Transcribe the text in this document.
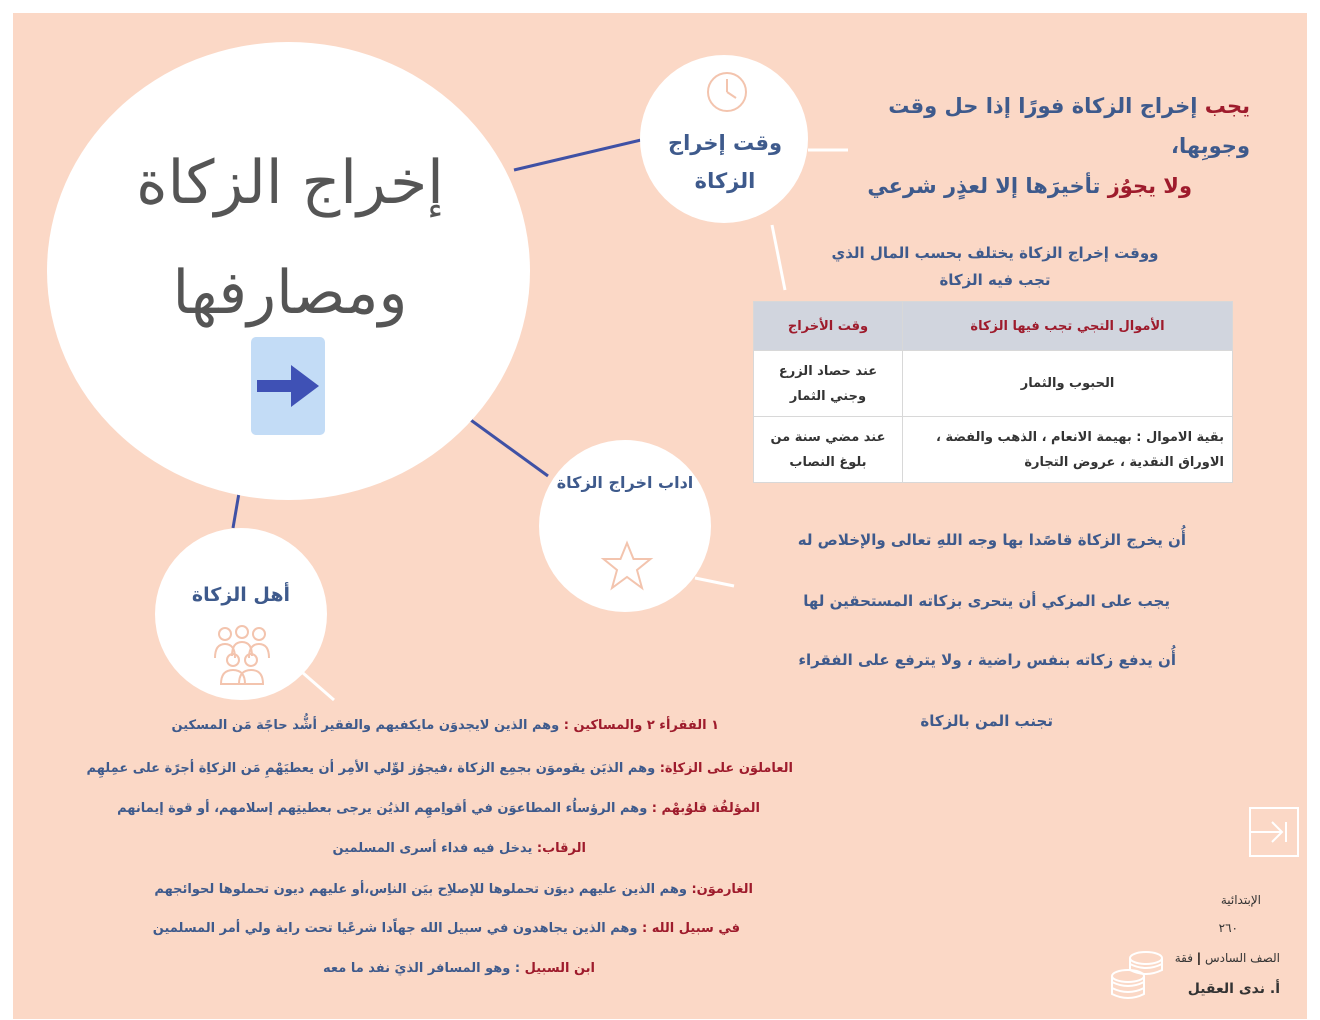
إخراج الزكاة
ومصارفها
وقت إخراج
الزكاة
اداب اخراج الزكاة
أهل الزكاة
يجب إخراج الزكاة فورًا إذا حل وقت وجوبِها،
ولا يجوُز تأخيرَها إلا لعذٍر شرعي
ووقت إخراج الزكاة يختلف بحسب المال الذي
تجب فيه الزكاة
الأموال التجي تجب فيها الزكاة	وقت الأخراج
الحبوب والثمار	عند حصاد الزرع
وجني الثمار

بقية الاموال : بهيمة الانعام ، الذهب والفضة ، الاوراق النقدية ، عروض التجارة	عند مضي سنة من
بلوغ النصاب
أُن يخرج الزكاة قاصًدا بها وجه اللهِ تعالى والإخلاص له
يجب على المزكي أن يتحرى بزكاته المستحقين لها
أُن يدفع زكاته بنفس راضية ، ولا يترفع على الفقراء
تجنب المن بالزكاة
١ الفقرأء ٢ والمساكين : وهم الذين لايجدوَن مايكفيهم والفقير أشُّد حاجًة مَن المسكين
العاملوَن على الزكاِة: وهم الذيَن يقوموَن بجمِع الزكاة ،فيجوُز لوِّلي الأمِر أن يعطيَهْمِ مَن الزكاِة أجرًة على عمِلهِم
المؤلفُة قلوُبهْم : وهم الرؤساُء المطاعوَن في أقواِمهِم الذيُن يرجى بعطيتِهم إسلامهم، أو قوة إيمانهم
الرقاب: يدخل فيه فداء أسرى المسلمين
الغارموَن: وهم الذين عليهم ديوَن تحملوها للإصلاِح بيَن الناِس،أو عليهم ديون تحملوها لحوائجهم
في سبيل الله : وهم الذين يجاهدون في سبيل الله جهاًدا شرعًيا تحت راية ولي أمر المسلمين
ابن السبيل : وهو المسافر الذيَ نفد ما معه
الإبتدائية
٢٦٠
الصف السادس | فقة
أ. ندى العقيل
